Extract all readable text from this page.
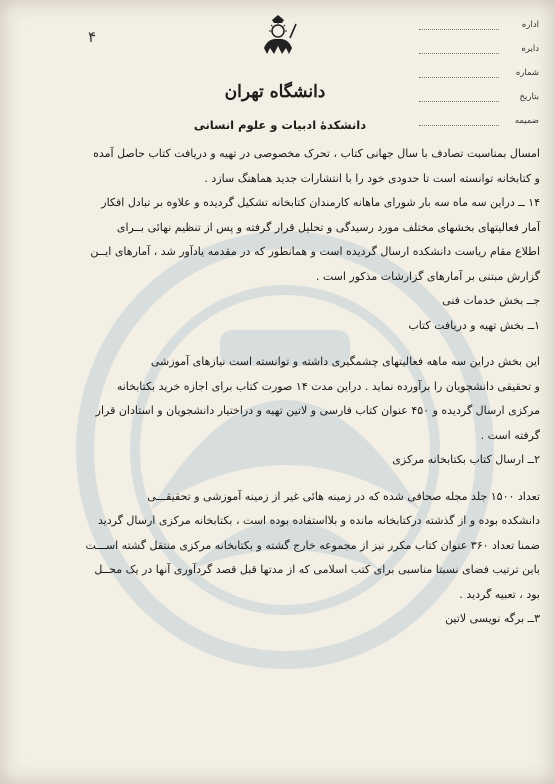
۴
دانشگاه تهران
دانشکدهٔ ادبیات و علوم انسانی
اداره
دایره
شماره
بتاریخ
ضمیمه

امسال بمناسبت تصادف با سال جهانی کتاب ، تحرک مخصوصی در تهیه و دریافت کتاب حاصل آمده

و کتابخانه توانسته است تا حدودی خود را با انتشارات جدید هماهنگ سازد .

۱۴ ــ دراین سه ماه سه بار شورای ماهانه کارمندان کتابخانه تشکیل گردیده و علاوه بر تبادل افکار

آمار فعالیتهای بخشهای مختلف مورد رسیدگی و تحلیل قرار گرفته و پس از تنظیم نهائی بــرای

اطلاع مقام ریاست دانشکده ارسال گردیده است و همانطور که در مقدمه یادآور شد ، آمارهای ایــن

گزارش مبتنی بر آمارهای گزارشات مذکور است .

جــ بخش خدمات فنی

۱ــ بخش تهیه و دریافت کتاب

این بخش دراین سه ماهه فعالیتهای چشمگیری داشته و توانسته است نیازهای آموزشی

و تحقیقی دانشجویان را برآورده نماید . دراین مدت ۱۴ صورت کتاب برای اجازه خرید بکتابخانه

مرکزی ارسال گردیده و ۴۵۰ عنوان کتاب فارسی و لاتین تهیه و دراختیار دانشجویان و استادان قرار

گرفته است .

۲ــ ارسال کتاب بکتابخانه مرکزی

تعداد ۱۵۰۰ جلد مجله صحافی شده که در زمینه هائی غیر از زمینه آموزشی و تحقیقـــی

دانشکده بوده و از گذشته درکتابخانه مانده و بلااستفاده بوده است ، بکتابخانه مرکزی ارسال گردید

ضمنا تعداد ۳۶۰ عنوان کتاب مکرر نیز از مجموعه خارج گشته و بکتابخانه مرکزی منتقل گشته اســـت

باین ترتیب فضای نسبتا مناسبی برای کتب اسلامی که از مدتها قبل قصد گردآوری آنها در یک محــل

بود ، تعبیه گردید .

۳ــ برگه نویسی لاتین
